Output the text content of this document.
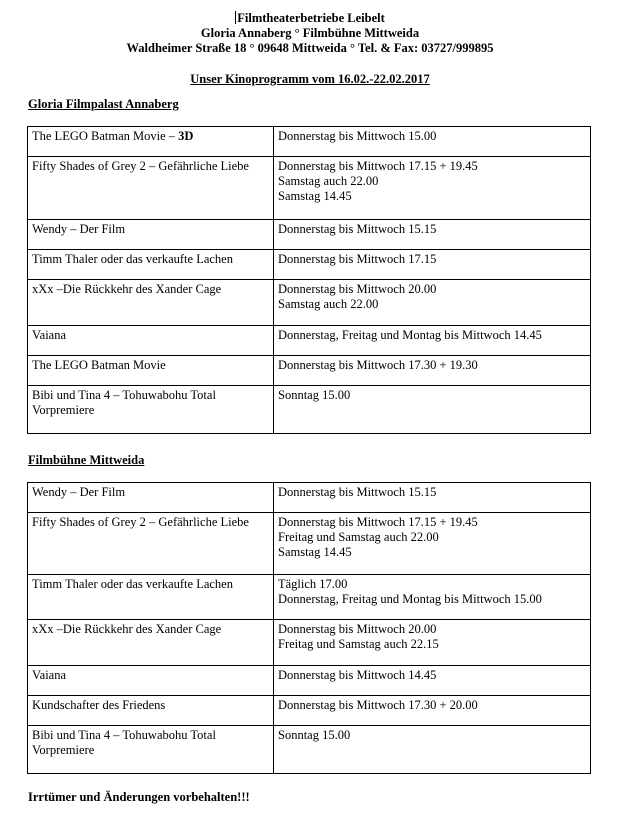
Filmtheaterbetriebe Leibelt
Gloria Annaberg ° Filmbühne Mittweida
Waldheimer Straße 18 ° 09648 Mittweida ° Tel. & Fax: 03727/999895
Unser Kinoprogramm vom 16.02.-22.02.2017
Gloria Filmpalast Annaberg
The LEGO Batman Movie – 3D	Donnerstag bis Mittwoch 15.00

Fifty Shades of Grey 2 – Gefährliche Liebe	Donnerstag bis Mittwoch 17.15 + 19.45
Samstag auch 22.00
Samstag 14.45

Wendy – Der Film	Donnerstag bis Mittwoch 15.15

Timm Thaler oder das verkaufte Lachen	Donnerstag bis Mittwoch 17.15

xXx –Die Rückkehr des Xander Cage	Donnerstag bis Mittwoch 20.00
Samstag auch 22.00

Vaiana	Donnerstag, Freitag und Montag bis Mittwoch 14.45

The LEGO Batman Movie	Donnerstag bis Mittwoch 17.30 + 19.30

Bibi und Tina 4 – Tohuwabohu Total
Vorpremiere	Sonntag 15.00
Filmbühne Mittweida
Wendy – Der Film	Donnerstag bis Mittwoch 15.15

Fifty Shades of Grey 2 – Gefährliche Liebe	Donnerstag bis Mittwoch 17.15 + 19.45
Freitag und Samstag auch 22.00
Samstag 14.45

Timm Thaler oder das verkaufte Lachen	Täglich 17.00
Donnerstag, Freitag und Montag bis Mittwoch 15.00

xXx –Die Rückkehr des Xander Cage	Donnerstag bis Mittwoch 20.00
Freitag und Samstag auch 22.15

Vaiana	Donnerstag bis Mittwoch 14.45

Kundschafter des Friedens	Donnerstag bis Mittwoch 17.30 + 20.00

Bibi und Tina 4 – Tohuwabohu Total
Vorpremiere	Sonntag 15.00
Irrtümer und Änderungen vorbehalten!!!
